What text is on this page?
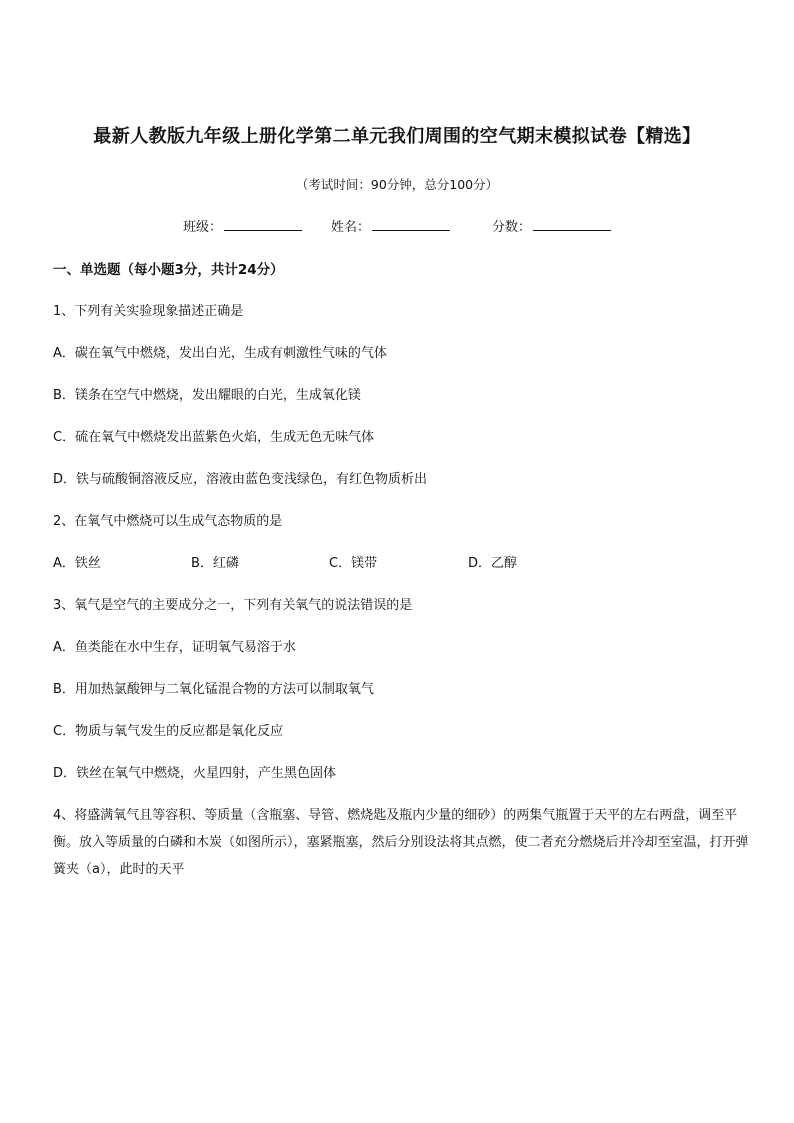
最新人教版九年级上册化学第二单元我们周围的空气期末模拟试卷【精选】
（考试时间：90分钟，总分100分）
班级：	姓名：	分数：
一、单选题（每小题3分，共计24分）
1、下列有关实验现象描述正确是
A．碳在氧气中燃烧，发出白光，生成有刺激性气味的气体
B．镁条在空气中燃烧，发出耀眼的白光，生成氧化镁
C．硫在氧气中燃烧发出蓝紫色火焰，生成无色无味气体
D．铁与硫酸铜溶液反应，溶液由蓝色变浅绿色，有红色物质析出
2、在氧气中燃烧可以生成气态物质的是
A．铁丝	B．红磷	C．镁带	D．乙醇
3、氧气是空气的主要成分之一，下列有关氧气的说法错误的是
A．鱼类能在水中生存，证明氧气易溶于水
B．用加热氯酸钾与二氧化锰混合物的方法可以制取氧气
C．物质与氧气发生的反应都是氧化反应
D．铁丝在氧气中燃烧，火星四射，产生黑色固体

4、将盛满氧气且等容积、等质量（含瓶塞、导管、燃烧匙及瓶内少量的细砂）的两集气瓶置于天平的左右两盘，调至平衡。放入等质量的白磷和木炭（如图所示），塞紧瓶塞，然后分别设法将其点燃，使二者充分燃烧后并冷却至室温，打开弹簧夹（a），此时的天平
